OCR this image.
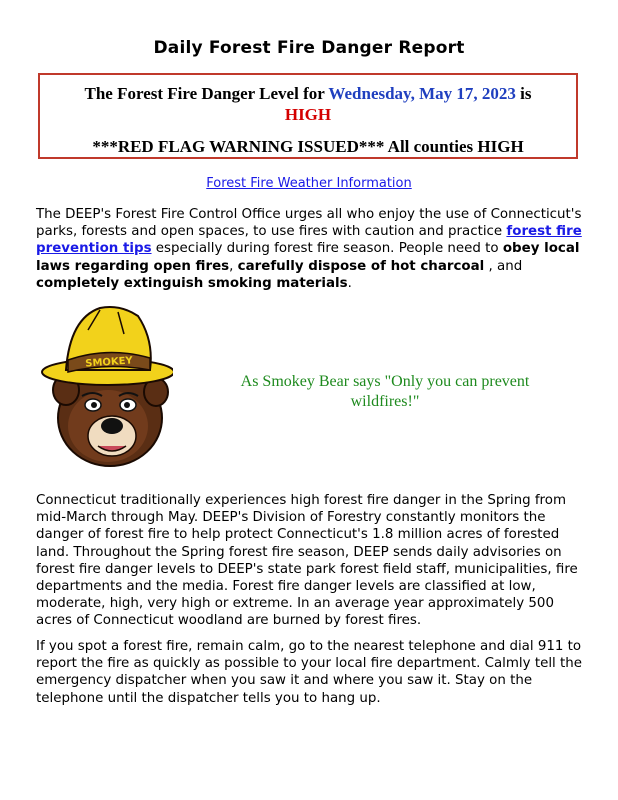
Daily Forest Fire Danger Report
The Forest Fire Danger Level for Wednesday, May 17, 2023 is HIGH
***RED FLAG WARNING ISSUED*** All counties HIGH
Forest Fire Weather Information
The DEEP's Forest Fire Control Office urges all who enjoy the use of Connecticut's parks, forests and open spaces, to use fires with caution and practice forest fire prevention tips especially during forest fire season. People need to obey local laws regarding open fires, carefully dispose of hot charcoal , and completely extinguish smoking materials.
SMOKEY
As Smokey Bear says "Only you can prevent wildfires!"
Connecticut traditionally experiences high forest fire danger in the Spring from mid-March through May. DEEP's Division of Forestry constantly monitors the danger of forest fire to help protect Connecticut's 1.8 million acres of forested land. Throughout the Spring forest fire season, DEEP sends daily advisories on forest fire danger levels to DEEP's state park forest field staff, municipalities, fire departments and the media. Forest fire danger levels are classified at low, moderate, high, very high or extreme. In an average year approximately 500 acres of Connecticut woodland are burned by forest fires.
If you spot a forest fire, remain calm, go to the nearest telephone and dial 911 to report the fire as quickly as possible to your local fire department. Calmly tell the emergency dispatcher when you saw it and where you saw it. Stay on the telephone until the dispatcher tells you to hang up.
